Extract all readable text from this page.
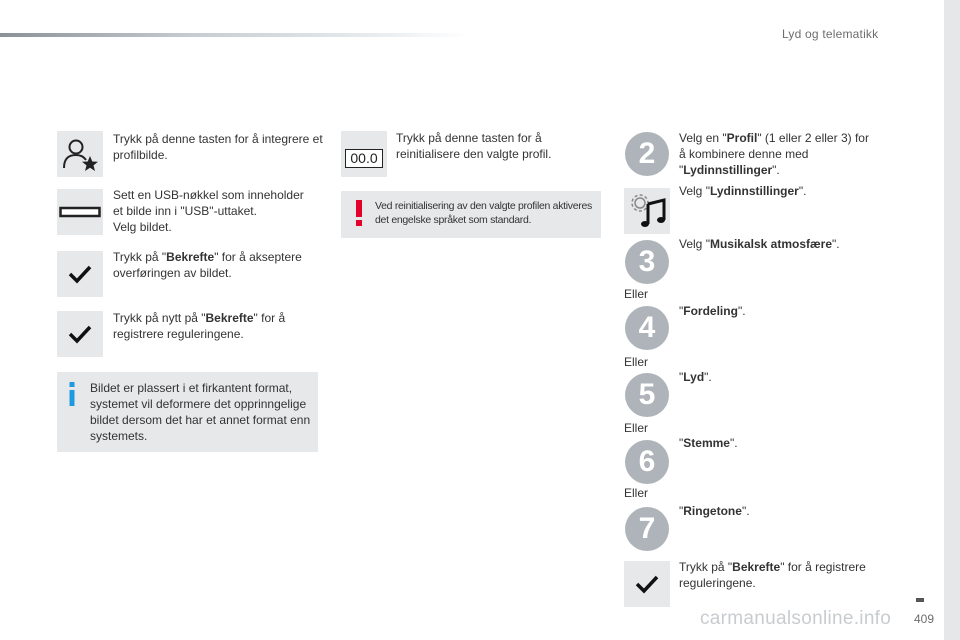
Lyd og telematikk
Trykk på denne tasten for å integrere et profilbilde.
Sett en USB-nøkkel som inneholder
et bilde inn i "USB"-uttaket.
Velg bildet.
Trykk på "Bekrefte" for å akseptere overføringen av bildet.
Trykk på nytt på "Bekrefte" for å registrere reguleringene.
Bildet er plassert i et firkantent format, systemet vil deformere det opprinngelige bildet dersom det har et annet format enn systemets.
00.0
Trykk på denne tasten for å reinitialisere den valgte profil.
Ved reinitialisering av den valgte profilen aktiveres det engelske språket som standard.
2	Velg en "Profil" (1 eller 2 eller 3) for å kombinere denne med "Lydinnstillinger".
Velg "Lydinnstillinger".
3
Velg "Musikalsk atmosfære".
Eller
4	"Fordeling".
Eller
5
"Lyd".
Eller
6
"Stemme".
Eller
7
"Ringetone".
Trykk på "Bekrefte" for å registrere reguleringene.
carmanualsonline.info 409
